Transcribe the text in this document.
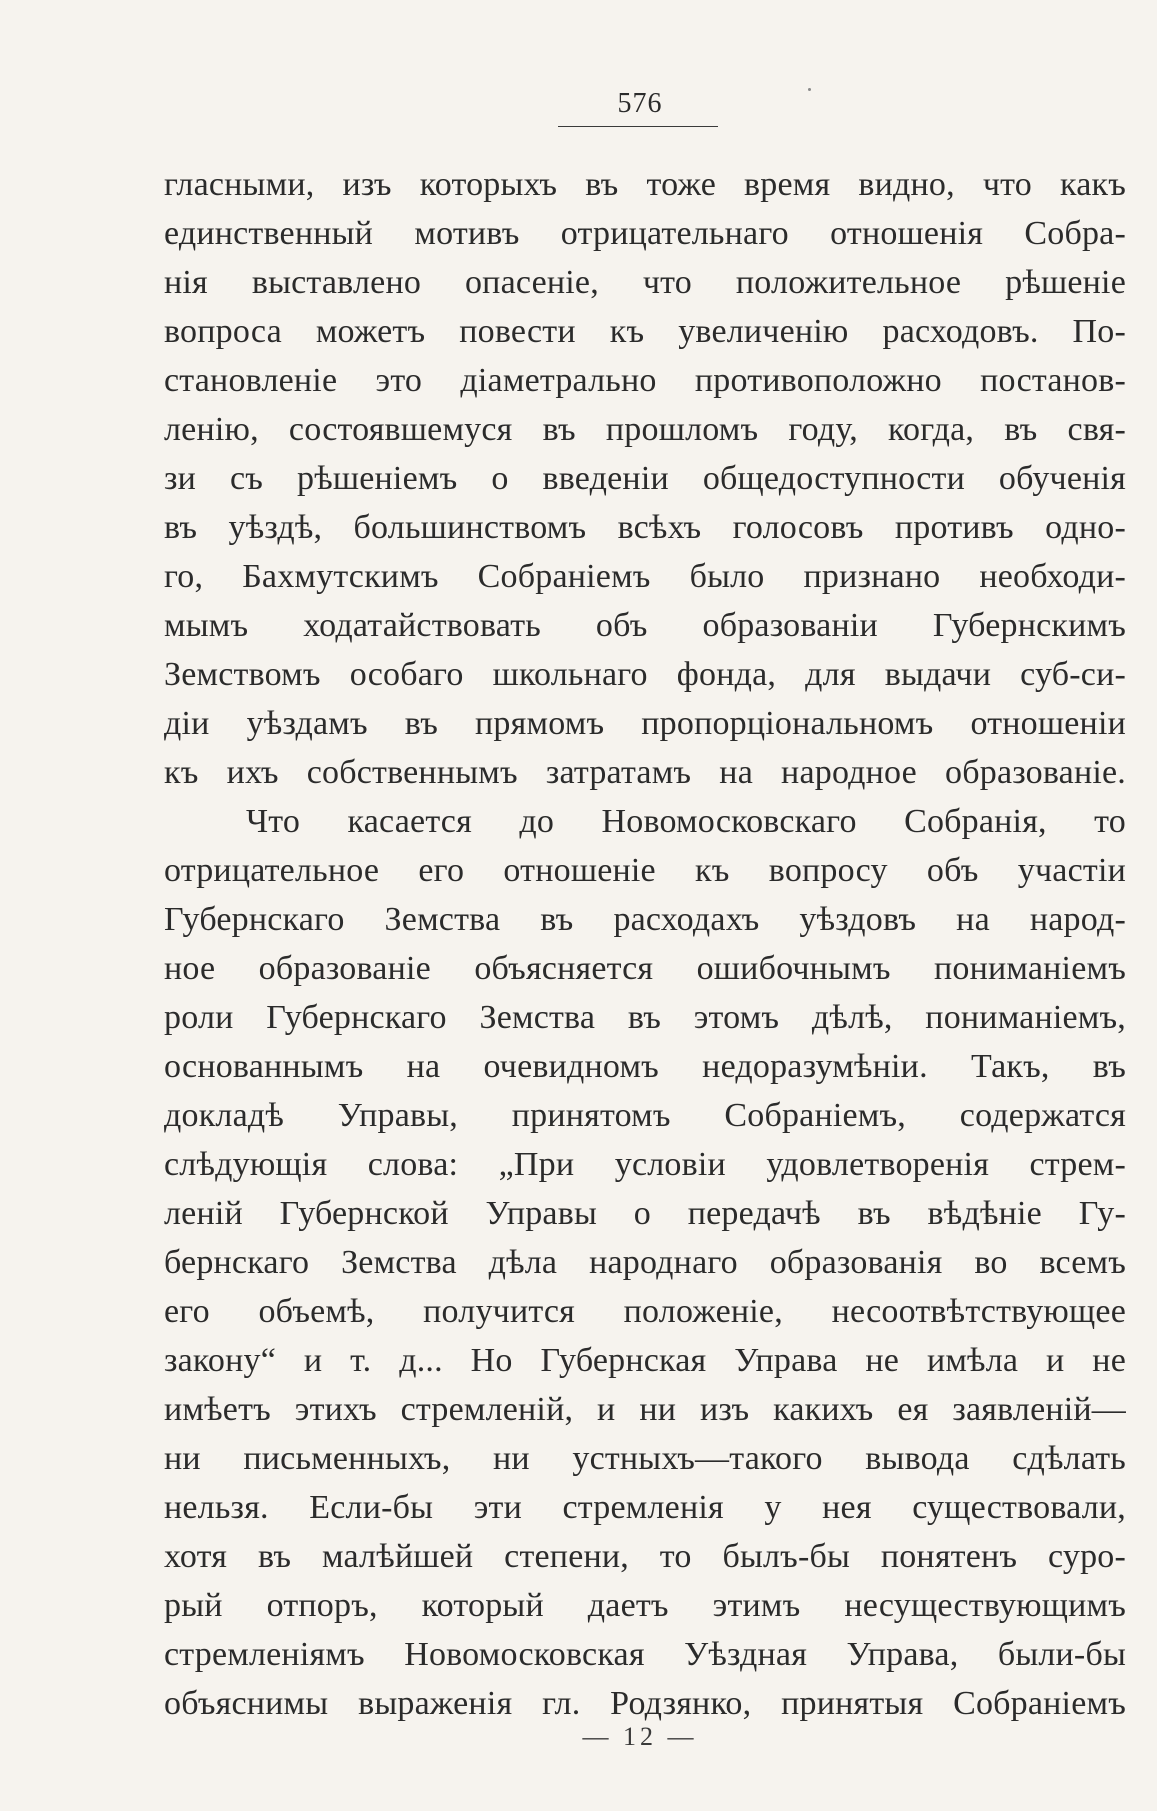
576
гласными, изъ которыхъ въ тоже время видно, что какъ
единственный мотивъ отрицательнаго отношенія Собра-
нія выставлено опасеніе, что положительное рѣшеніе
вопроса можетъ повести къ увеличенію расходовъ. По-
становленіе это діаметрально противоположно постанов-
ленію, состоявшемуся въ прошломъ году, когда, въ свя-
зи съ рѣшеніемъ о введеніи общедоступности обученія
въ уѣздѣ, большинствомъ всѣхъ голосовъ противъ одно-
го, Бахмутскимъ Собраніемъ было признано необходи-
мымъ ходатайствовать объ образованіи Губернскимъ
Земствомъ особаго школьнаго фонда, для выдачи суб-си-
діи уѣздамъ въ прямомъ пропорціональномъ отношеніи
къ ихъ собственнымъ затратамъ на народное образованіе.
Что касается до Новомосковскаго Собранія, то
отрицательное его отношеніе къ вопросу объ участіи
Губернскаго Земства въ расходахъ уѣздовъ на народ-
ное образованіе объясняется ошибочнымъ пониманіемъ
роли Губернскаго Земства въ этомъ дѣлѣ, пониманіемъ,
основаннымъ на очевидномъ недоразумѣніи. Такъ, въ
докладѣ Управы, принятомъ Собраніемъ, содержатся
слѣдующія слова: „При условіи удовлетворенія стрем-
леній Губернской Управы о передачѣ въ вѣдѣніе Гу-
бернскаго Земства дѣла народнаго образованія во всемъ
его объемѣ, получится положеніе, несоотвѣтствующее
закону“ и т. д... Но Губернская Управа не имѣла и не
имѣетъ этихъ стремленій, и ни изъ какихъ ея заявленій—
ни письменныхъ, ни устныхъ—такого вывода сдѣлать
нельзя. Если-бы эти стремленія у нея существовали,
хотя въ малѣйшей степени, то былъ-бы понятенъ суро-
рый отпоръ, который даетъ этимъ несуществующимъ
стремленіямъ Новомосковская Уѣздная Управа, были-бы
объяснимы выраженія гл. Родзянко, принятыя Собраніемъ
— 12 —
